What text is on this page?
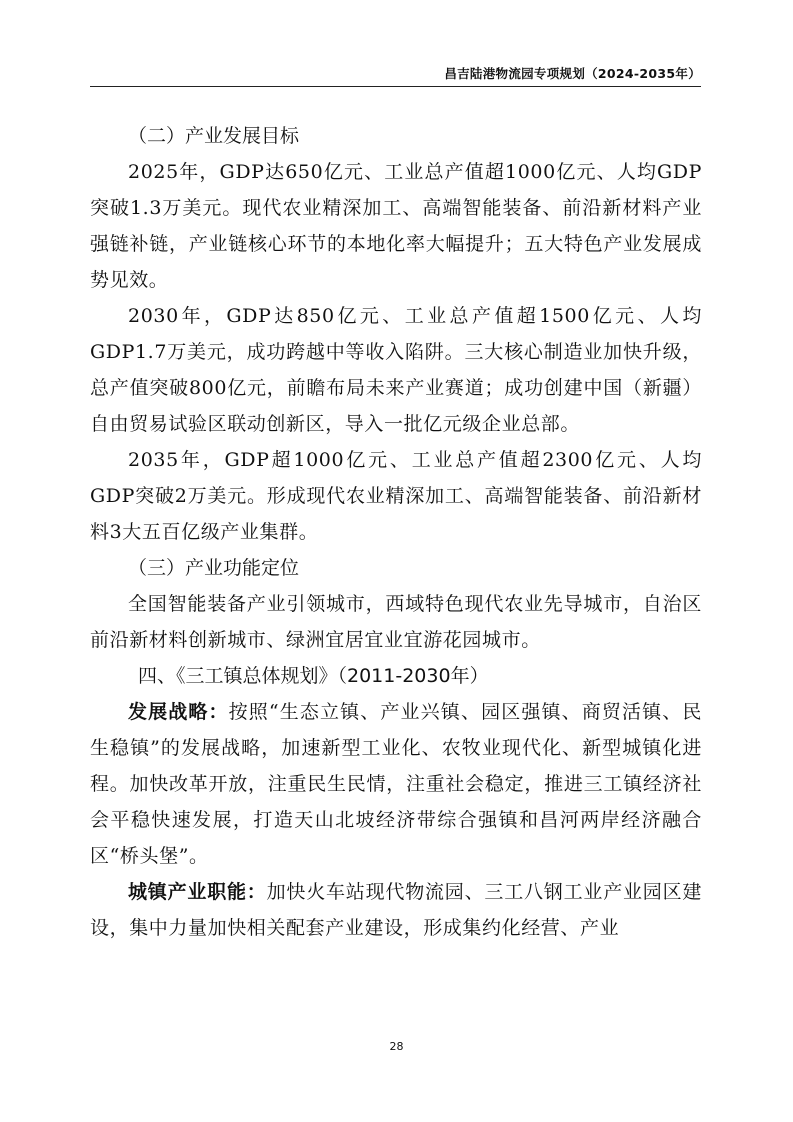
昌吉陆港物流园专项规划（2024-2035年）
（二）产业发展目标

2025年，GDP达650亿元、工业总产值超1000亿元、人均GDP突破1.3万美元。现代农业精深加工、高端智能装备、前沿新材料产业强链补链，产业链核心环节的本地化率大幅提升；五大特色产业发展成势见效。

2030年，GDP达850亿元、工业总产值超1500亿元、人均GDP1.7万美元，成功跨越中等收入陷阱。三大核心制造业加快升级，总产值突破800亿元，前瞻布局未来产业赛道；成功创建中国（新疆）自由贸易试验区联动创新区，导入一批亿元级企业总部。

2035年，GDP超1000亿元、工业总产值超2300亿元、人均GDP突破2万美元。形成现代农业精深加工、高端智能装备、前沿新材料3大五百亿级产业集群。

（三）产业功能定位

全国智能装备产业引领城市，西域特色现代农业先导城市，自治区前沿新材料创新城市、绿洲宜居宜业宜游花园城市。

四、《三工镇总体规划》（2011-2030年）

发展战略：按照“生态立镇、产业兴镇、园区强镇、商贸活镇、民生稳镇”的发展战略，加速新型工业化、农牧业现代化、新型城镇化进程。加快改革开放，注重民生民情，注重社会稳定，推进三工镇经济社会平稳快速发展，打造天山北坡经济带综合强镇和昌河两岸经济融合区“桥头堡”。

城镇产业职能：加快火车站现代物流园、三工八钢工业产业园区建设，集中力量加快相关配套产业建设，形成集约化经营、产业

28
